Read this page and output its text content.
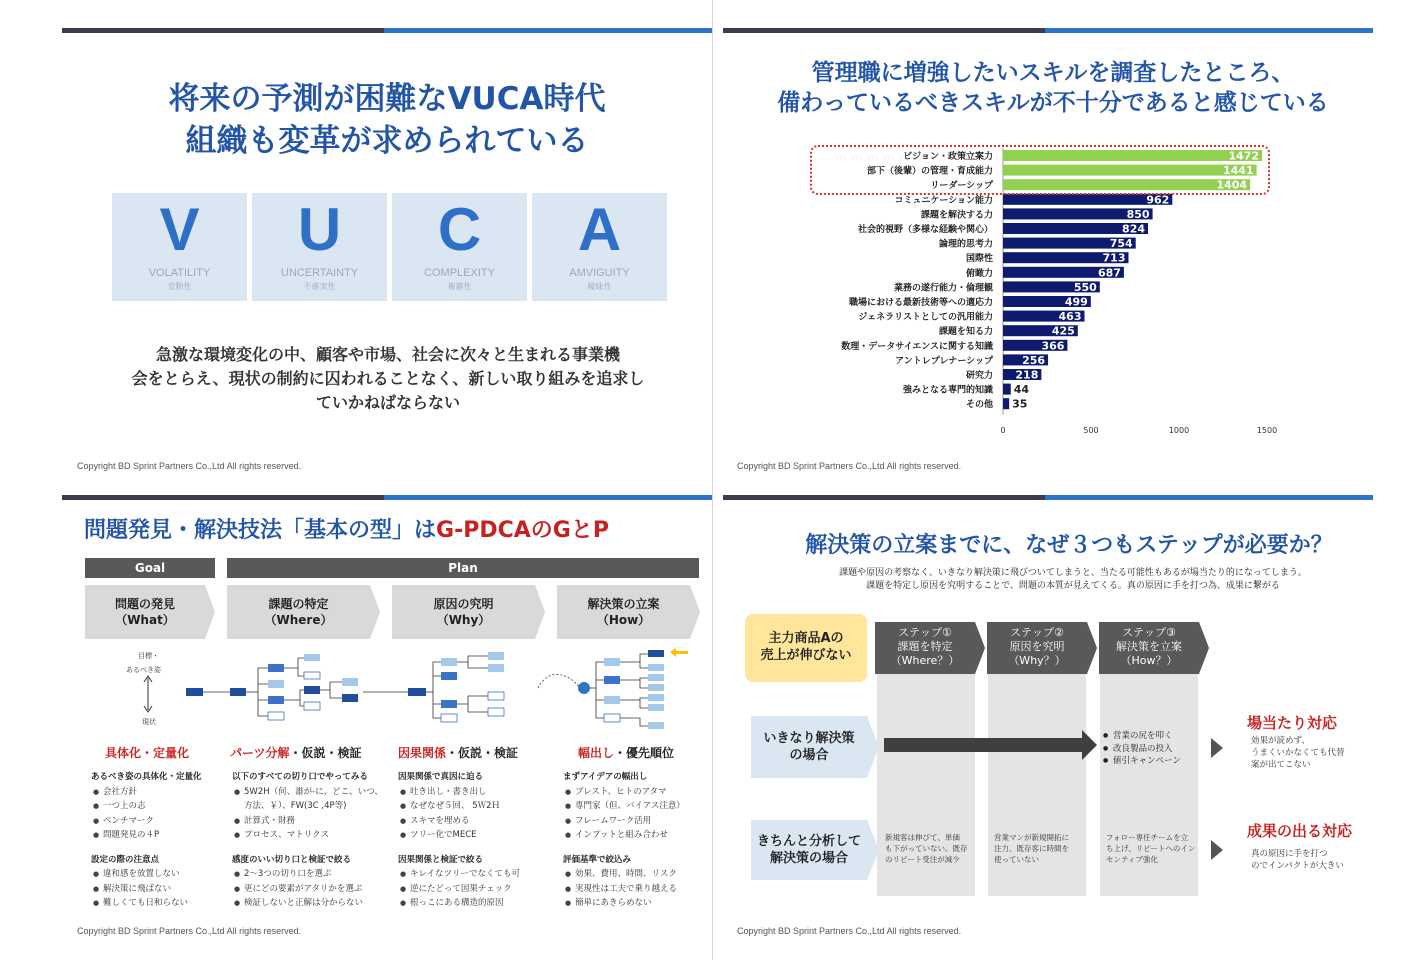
将来の予測が困難なVUCA時代
組織も変革が求められている
V
VOLATILITY
変動性
U
UNCERTAINTY
不確実性
C
COMPLEXITY
複雑性
A
AMVIGUITY
曖昧性
急激な環境変化の中、顧客や市場、社会に次々と生まれる事業機
会をとらえ、現状の制約に囚われることなく、新しい取り組みを追求し
ていかねばならない
Copyright BD Sprint Partners Co.,Ltd All rights reserved.
管理職に増強したいスキルを調査したところ、
備わっているべきスキルが不十分であると感じている
ビジョン・政策立案力	1472
部下（後輩）の管理・育成能力	1441
リーダーシップ	1404
コミュニケーション能力	962
課題を解決する力	850
社会的視野（多様な経験や関心）	824
論理的思考力	754
国際性	713
俯瞰力	687
業務の遂行能力・倫理観	550
職場における最新技術等への適応力	499
ジェネラリストとしての汎用能力	463
課題を知る力	425
数理・データサイエンスに関する知識	366
アントレプレナーシップ	256
研究力 218
強みとなる専門的知識 44
その他 35
0	500	1000	1500
Copyright BD Sprint Partners Co.,Ltd All rights reserved.
問題発見・解決技法「基本の型」はG-PDCAのGとP
Goal	Plan
問題の発見
（What）
課題の特定
（Where）
原因の究明
（Why）
解決策の立案
（How）
目標・
あるべき姿
現状
具体化・定量化	パーツ分解・仮説・検証	因果関係・仮説・検証	幅出し・優先順位
あるべき姿の具体化・定量化
● 会社方針
● 一つ上の志
● ベンチマーク
● 問題発見の４P
設定の際の注意点
● 違和感を放置しない
● 解決策に飛ばない
● 難しくても日和らない
以下のすべての切り口でやってみる
● 5W2H（何、誰が-に、どこ、いつ、方法、￥）、FW(3C ,4P等)
● 計算式・財務
● プロセス、マトリクス
感度のいい切り口と検証で絞る
● 2～3つの切り口を選ぶ
● 更にどの要素がアタリかを選ぶ
● 検証しないと正解は分からない
因果関係で真因に迫る
● 吐き出し・書き出し
● なぜなぜ５回、 5Ｗ2Ｈ
● スキマを埋める
● ツリー化でMECE
因果関係と検証で絞る
● キレイなツリーでなくても可
● 逆にたどって因果チェック
● 根っこにある構造的原因
まずアイデアの幅出し
● ブレスト、ヒトのアタマ
● 専門家（但、バイアス注意）
● フレームワーク活用
● インプットと組み合わせ
評価基準で絞込み
● 効果、費用、時間、リスク
● 実現性は工夫で乗り越える
● 簡単にあきらめない
Copyright BD Sprint Partners Co.,Ltd All rights reserved.
解決策の立案までに、なぜ３つもステップが必要か？
課題や原因の考察なく、いきなり解決策に飛びついてしまうと、当たる可能性もあるが場当たり的になってしまう。
課題を特定し原因を究明することで、問題の本質が見えてくる。真の原因に手を打つ為、成果に繋がる
主力商品Aの
売上が伸びない
ステップ①
課題を特定
（Where？）
ステップ②
原因を究明
（Why？）
ステップ③
解決策を立案
（How？）
いきなり解決策
の場合
きちんと分析して
解決策の場合
● 営業の尻を叩く
● 改良製品の投入
● 値引キャンペーン
新規客は伸びて、単価
も下がっていない。既存
のリピート受注が減少
営業マンが新規開拓に
注力、既存客に時間を
使っていない
フォロー専任チームを立
ち上げ、リピートへのイン
センティブ強化
場当たり対応
効果が読めず、
うまくいかなくても代替
案が出てこない
成果の出る対応
真の原因に手を打つ
のでインパクトが大きい
Copyright BD Sprint Partners Co.,Ltd All rights reserved.
